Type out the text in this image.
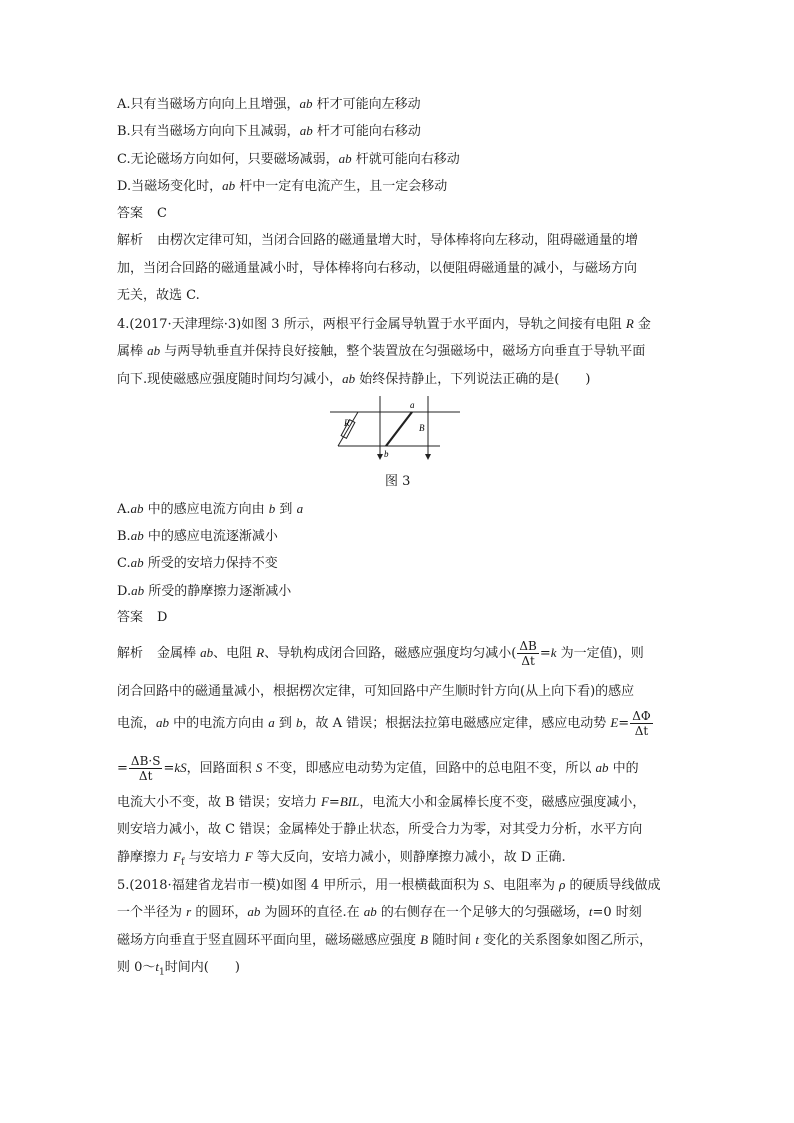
A.只有当磁场方向向上且增强，ab 杆才可能向左移动
B.只有当磁场方向向下且减弱，ab 杆才可能向右移动
C.无论磁场方向如何，只要磁场减弱，ab 杆就可能向右移动
D.当磁场变化时，ab 杆中一定有电流产生，且一定会移动
答案 C
解析 由楞次定律可知，当闭合回路的磁通量增大时，导体棒将向左移动，阻碍磁通量的增
加，当闭合回路的磁通量减小时，导体棒将向右移动，以便阻碍磁通量的减小，与磁场方向
无关，故选 C.
4.(2017·天津理综·3)如图 3 所示，两根平行金属导轨置于水平面内，导轨之间接有电阻 R 金
属棒 ab 与两导轨垂直并保持良好接触，整个装置放在匀强磁场中，磁场方向垂直于导轨平面
向下.现使磁感应强度随时间均匀减小，ab 始终保持静止，下列说法正确的是(　　)
R
a
b
B
图 3
A.ab 中的感应电流方向由 b 到 a
B.ab 中的感应电流逐渐减小
C.ab 所受的安培力保持不变
D.ab 所受的静摩擦力逐渐减小
答案 D
解析 金属棒 ab、电阻 R、导轨构成闭合回路，磁感应强度均匀减小( $\frac{\Delta B}{\Delta t} =k$ 为一定值)，则
闭合回路中的磁通量减小，根据楞次定律，可知回路中产生顺时针方向(从上向下看)的感应
电流，ab 中的电流方向由 a 到 b，故 A 错误；根据法拉第电磁感应定律，感应电动势 $E= \frac{\Delta\Phi}{\Delta t}$
= $\frac{\Delta B\cdot S}{\Delta t} =kS$，回路面积 S 不变，即感应电动势为定值，回路中的总电阻不变，所以 ab 中的
电流大小不变，故 B 错误；安培力 F=BIL，电流大小和金属棒长度不变，磁感应强度减小，
则安培力减小，故 C 错误；金属棒处于静止状态，所受合力为零，对其受力分析，水平方向
静摩擦力 $F_f$ 与安培力 F 等大反向，安培力减小，则静摩擦力减小，故 D 正确.
5.(2018·福建省龙岩市一模)如图 4 甲所示，用一根横截面积为 S、电阻率为 ρ 的硬质导线做成
一个半径为 r 的圆环，ab 为圆环的直径.在 ab 的右侧存在一个足够大的匀强磁场，t=0 时刻
磁场方向垂直于竖直圆环平面向里，磁场磁感应强度 B 随时间 t 变化的关系图象如图乙所示，
则 $0\sim t_1$时间内(　　)
